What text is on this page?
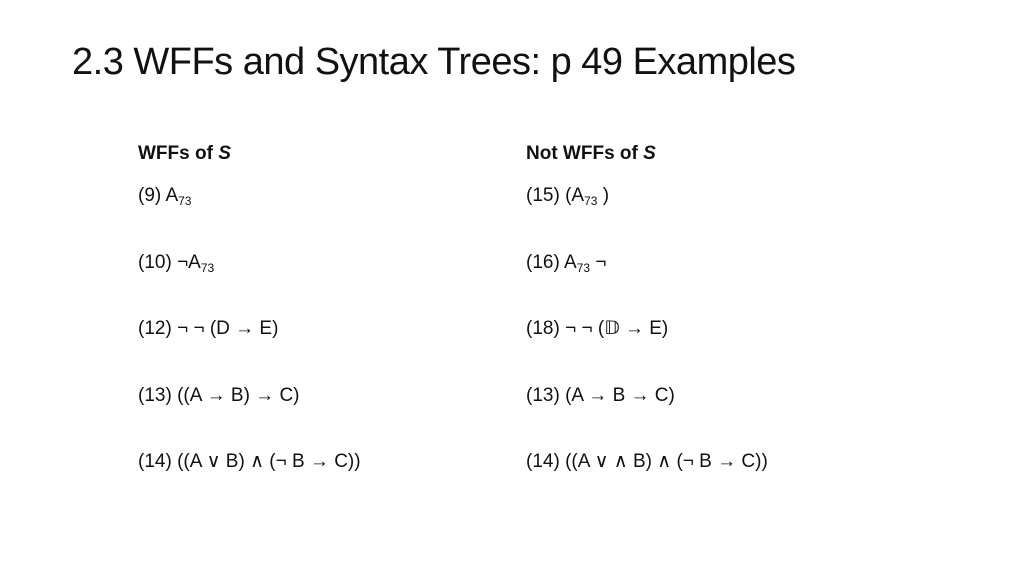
2.3 WFFs and Syntax Trees: p 49 Examples
WFFs of S
(9) $A_{73}$
(10) $\neg A_{73}$
(12) ¬ ¬ (D → E)
(13) ((A → B) → C)
(14) ((A ∨ B) ∧ (¬ B → C))
Not WFFs of S
(15) ($A_{73}$ )
(16) $A_{73}$ ¬
(18) ¬ ¬ (𝔻 → E)
(13) (A → B → C)
(14) ((A ∨ ∧ B) ∧ (¬ B → C))
